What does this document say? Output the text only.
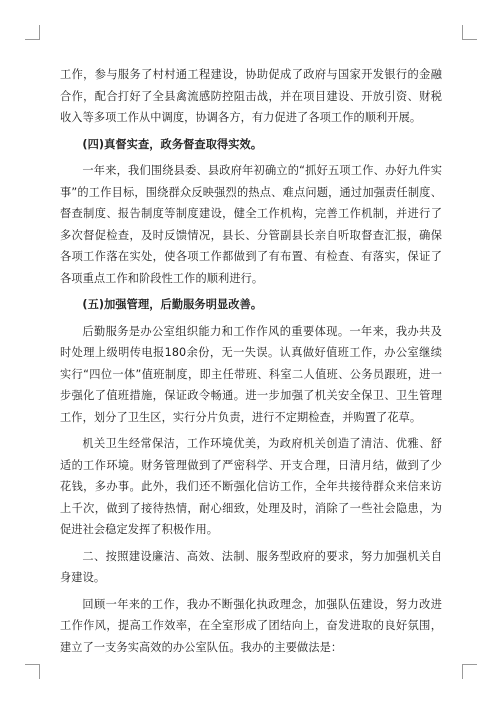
工作，参与服务了村村通工程建设，协助促成了政府与国家开发银行的金融合作，配合打好了全县禽流感防控阻击战，并在项目建设、开放引资、财税收入等多项工作从中调度，协调各方，有力促进了各项工作的顺利开展。

(四)真督实查，政务督查取得实效。

一年来，我们围绕县委、县政府年初确立的“抓好五项工作、办好九件实事”的工作目标，围绕群众反映强烈的热点、难点问题，通过加强责任制度、督查制度、报告制度等制度建设，健全工作机构，完善工作机制，并进行了多次督促检查，及时反馈情况，县长、分管副县长亲自听取督查汇报，确保各项工作落在实处，使各项工作都做到了有布置、有检查、有落实，保证了各项重点工作和阶段性工作的顺利进行。

(五)加强管理，后勤服务明显改善。

后勤服务是办公室组织能力和工作作风的重要体现。一年来，我办共及时处理上级明传电报180余份，无一失误。认真做好值班工作，办公室继续实行“四位一体”值班制度，即主任带班、科室二人值班、公务员跟班，进一步强化了值班措施，保证政令畅通。进一步加强了机关安全保卫、卫生管理工作，划分了卫生区，实行分片负责，进行不定期检查，并购置了花草。

机关卫生经常保洁，工作环境优美，为政府机关创造了清洁、优雅、舒适的工作环境。财务管理做到了严密科学、开支合理，日清月结，做到了少花钱，多办事。此外，我们还不断强化信访工作，全年共接待群众来信来访上千次，做到了接待热情，耐心细致，处理及时，消除了一些社会隐患，为促进社会稳定发挥了积极作用。

二、按照建设廉洁、高效、法制、服务型政府的要求，努力加强机关自身建设。

回顾一年来的工作，我办不断强化执政理念，加强队伍建设，努力改进工作作风，提高工作效率，在全室形成了团结向上，奋发进取的良好氛围，建立了一支务实高效的办公室队伍。我办的主要做法是：
